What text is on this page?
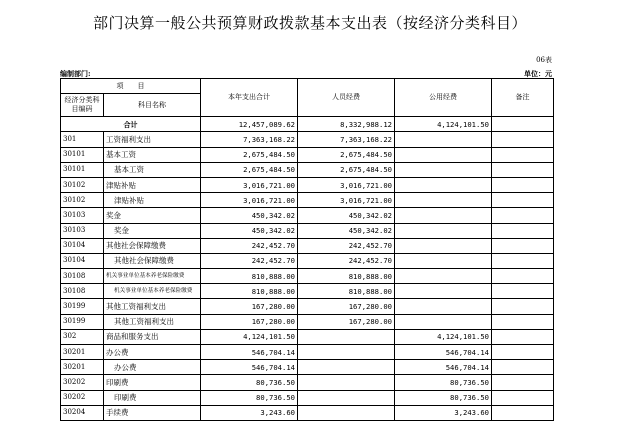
部门决算一般公共预算财政拨款基本支出表（按经济分类科目）
06表
编制部门:	单位：元
项　　目		本年支出合计	人员经费	公用经费	备注
经济分类科目编码	科目名称				
合计		12,457,089.62	8,332,988.12	4,124,101.50	
301	工资福利支出	7,363,168.22	7,363,168.22		
30101	基本工资	2,675,484.50	2,675,484.50		
30101	基本工资	2,675,484.50	2,675,484.50		
30102	津贴补贴	3,016,721.00	3,016,721.00		
30102	津贴补贴	3,016,721.00	3,016,721.00		
30103	奖金	450,342.02	450,342.02		
30103	奖金	450,342.02	450,342.02		
30104	其他社会保障缴费	242,452.70	242,452.70		
30104	其他社会保障缴费	242,452.70	242,452.70		
30108	机关事业单位基本养老保险缴费	810,888.00	810,888.00		
30108	机关事业单位基本养老保险缴费	810,888.00	810,888.00		
30199	其他工资福利支出	167,280.00	167,280.00		
30199	其他工资福利支出	167,280.00	167,280.00		
302	商品和服务支出	4,124,101.50		4,124,101.50	
30201	办公费	546,704.14		546,704.14	
30201	办公费	546,704.14		546,704.14	
30202	印刷费	80,736.50		80,736.50	
30202	印刷费	80,736.50		80,736.50	
30204	手续费	3,243.60		3,243.60	
